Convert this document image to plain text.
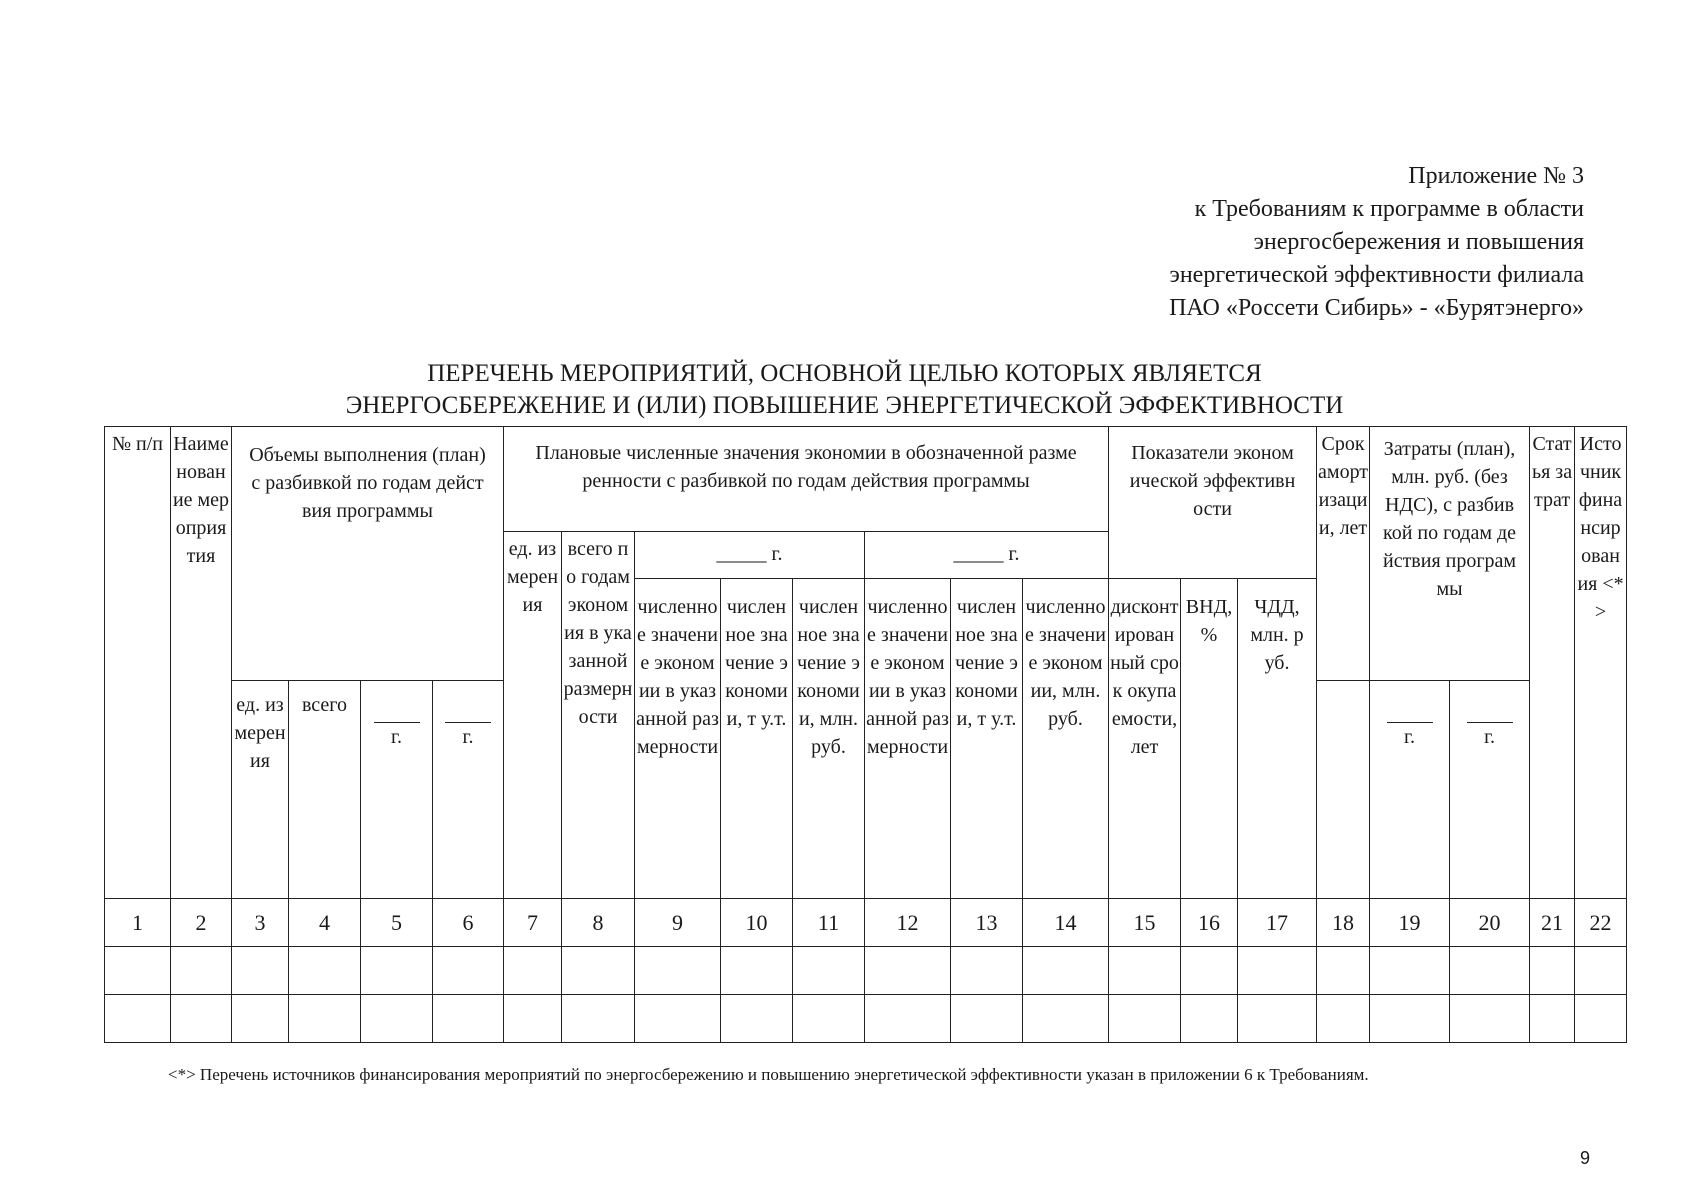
Приложение № 3
к Требованиям к программе в области
энергосбережения и повышения
энергетической эффективности филиала
ПАО «Россети Сибирь» - «Бурятэнерго»
ПЕРЕЧЕНЬ МЕРОПРИЯТИЙ, ОСНОВНОЙ ЦЕЛЬЮ КОТОРЫХ ЯВЛЯЕТСЯ
ЭНЕРГОСБЕРЕЖЕНИЕ И (ИЛИ) ПОВЫШЕНИЕ ЭНЕРГЕТИЧЕСКОЙ ЭФФЕКТИВНОСТИ
№ п/п	Наименование мероприятия	Объемы выполнения (план) с разбивкой по годам действия программы				Плановые численные значения экономии в обозначенной размеренности с разбивкой по годам действия программы								Показатели экономической эффективности			Срок амортизации, лет	Затраты (план), млн. руб. (без НДС), с разбивкой по годам действия программы		Статья затрат	Источник финансирования <*>
						ед. измерения	всего по годам экономия в указанной размерности	_____ г.			_____ г.										
								численное значение экономии в указанной размерности	численное значение экономии, т у.т.	численное значение экономии, млн. руб.	численное значение экономии в указанной размерности	численное значение экономии, т у.т.	численное значение экономии, млн. руб.	дисконтированный срок окупаемости, лет	ВНД, %	ЧДД, млн. руб.					
		ед. измерения	всего	г.	г.													г.	г.		
1	2	3	4	5	6	7	8	9	10	11	12	13	14	15	16	17	18	19	20	21	22

<*> Перечень источников финансирования мероприятий по энергосбережению и повышению энергетической эффективности указан в приложении 6 к Требованиям.
9
